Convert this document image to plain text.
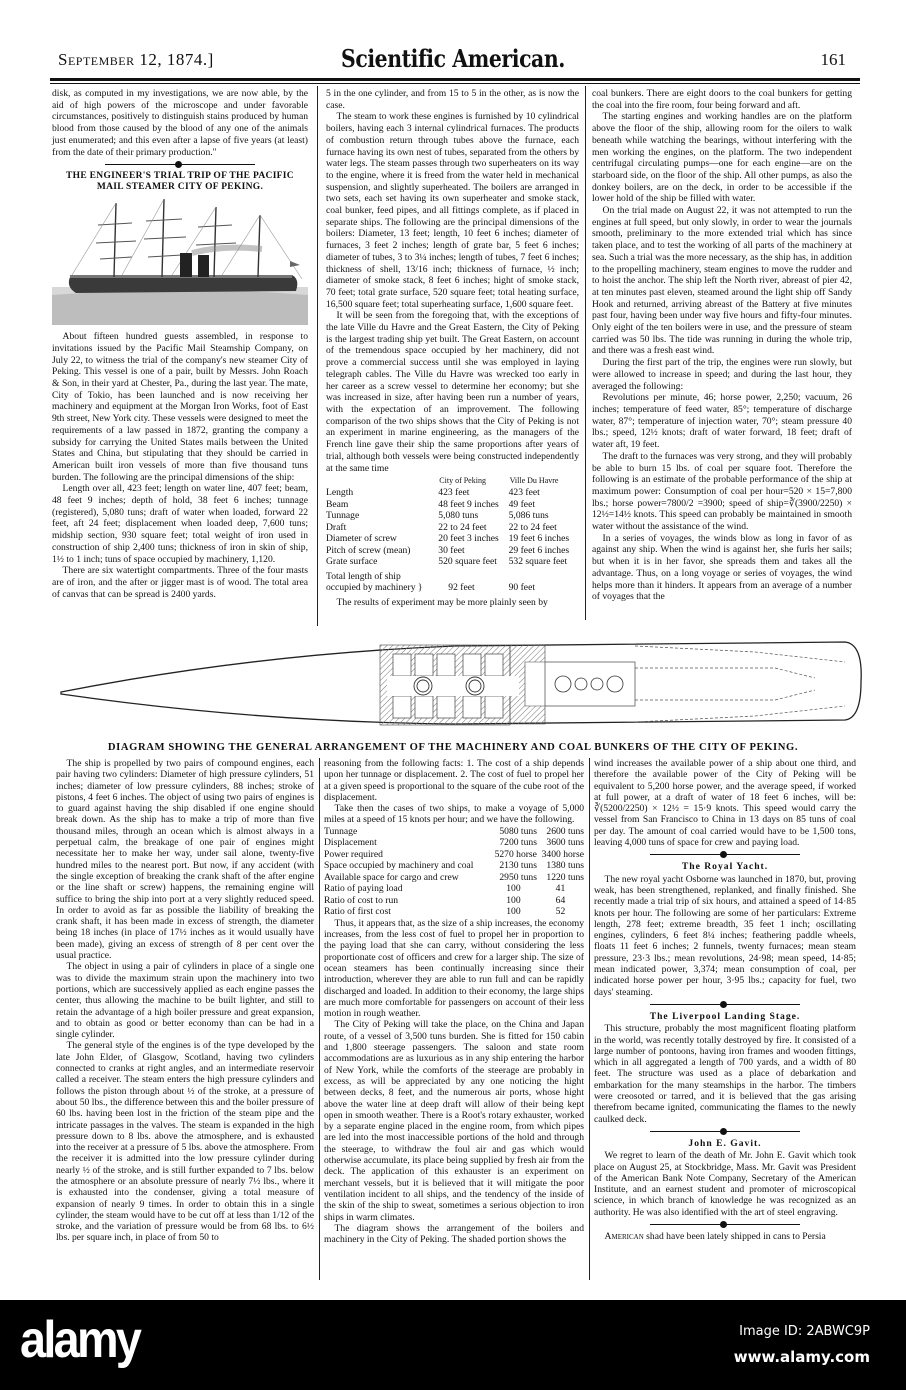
September 12, 1874.]	Scientific American.	161

disk, as computed in my investigations, we are now able, by the aid of high powers of the microscope and under favorable circumstances, positively to distinguish stains produced by human blood from those caused by the blood of any one of the animals just enumerated; and this even after a lapse of five years (at least) from the date of their primary production."

THE ENGINEER'S TRIAL TRIP OF THE PACIFIC MAIL STEAMER CITY OF PEKING.

About fifteen hundred guests assembled, in response to invitations issued by the Pacific Mail Steamship Company, on July 22, to witness the trial of the company's new steamer City of Peking. This vessel is one of a pair, built by Messrs. John Roach & Son, in their yard at Chester, Pa., during the last year. The mate, City of Tokio, has been launched and is now receiving her machinery and equipment at the Morgan Iron Works, foot of East 9th street, New York city. These vessels were designed to meet the requirements of a law passed in 1872, granting the company a subsidy for carrying the United States mails between the United States and China, but stipulating that they should be carried in American built iron vessels of more than five thousand tuns burden. The following are the principal dimensions of the ship:

Length over all, 423 feet; length on water line, 407 feet; beam, 48 feet 9 inches; depth of hold, 38 feet 6 inches; tunnage (registered), 5,080 tuns; draft of water when loaded, forward 22 feet, aft 24 feet; displacement when loaded deep, 7,600 tuns; midship section, 930 square feet; total weight of iron used in construction of ship 2,400 tuns; thickness of iron in skin of ship, 1½ to 1 inch; tuns of space occupied by machinery, 1,120.

There are six watertight compartments. Three of the four masts are of iron, and the after or jigger mast is of wood. The total area of canvas that can be spread is 2400 yards.

5 in the one cylinder, and from 15 to 5 in the other, as is now the case.

The steam to work these engines is furnished by 10 cylindrical boilers, having each 3 internal cylindrical furnaces. The products of combustion return through tubes above the furnace, each furnace having its own nest of tubes, separated from the others by water legs. The steam passes through two superheaters on its way to the engine, where it is freed from the water held in mechanical suspension, and slightly superheated. The boilers are arranged in two sets, each set having its own superheater and smoke stack, coal bunker, feed pipes, and all fittings complete, as if placed in separate ships. The following are the principal dimensions of the boilers: Diameter, 13 feet; length, 10 feet 6 inches; diameter of furnaces, 3 feet 2 inches; length of grate bar, 5 feet 6 inches; diameter of tubes, 3 to 3¼ inches; length of tubes, 7 feet 6 inches; thickness of shell, 13/16 inch; thickness of furnace, ½ inch; diameter of smoke stack, 8 feet 6 inches; hight of smoke stack, 70 feet; total grate surface, 520 square feet; total heating surface, 16,500 square feet; total superheating surface, 1,600 square feet.

It will be seen from the foregoing that, with the exceptions of the late Ville du Havre and the Great Eastern, the City of Peking is the largest trading ship yet built. The Great Eastern, on account of the tremendous space occupied by her machinery, did not prove a commercial success until she was employed in laying telegraph cables. The Ville du Havre was wrecked too early in her career as a screw vessel to determine her economy; but she was increased in size, after having been run a number of years, with the expectation of an improvement. The following comparison of the two ships shows that the City of Peking is not an experiment in marine engineering, as the managers of the French line gave their ship the same proportions after years of trial, although both vessels were being constructed independently at the same time

	City of Peking	Ville Du Havre
Length	423 feet	423 feet
Beam	48 feet 9 inches	49 feet
Tunnage	5,080 tuns	5,086 tuns
Draft	22 to 24 feet	22 to 24 feet
Diameter of screw	20 feet 3 inches	19 feet 6 inches
Pitch of screw (mean)	30 feet	29 feet 6 inches
Grate surface	520 square feet	532 square feet
Total length of ship
occupied by machinery }	92 feet	90 feet

The results of experiment may be more plainly seen by

coal bunkers. There are eight doors to the coal bunkers for getting the coal into the fire room, four being forward and aft.

The starting engines and working handles are on the platform above the floor of the ship, allowing room for the oilers to walk beneath while watching the bearings, without interfering with the men working the engines, on the platform. The two independent centrifugal circulating pumps—one for each engine—are on the starboard side, on the floor of the ship. All other pumps, as also the donkey boilers, are on the deck, in order to be accessible if the lower hold of the ship be filled with water.

On the trial made on August 22, it was not attempted to run the engines at full speed, but only slowly, in order to wear the journals smooth, preliminary to the more extended trial which has since taken place, and to test the working of all parts of the machinery at sea. Such a trial was the more necessary, as the ship has, in addition to the propelling machinery, steam engines to move the rudder and to hoist the anchor. The ship left the North river, abreast of pier 42, at ten minutes past eleven, steamed around the light ship off Sandy Hook and returned, arriving abreast of the Battery at five minutes past four, having been under way five hours and fifty-four minutes. Only eight of the ten boilers were in use, and the pressure of steam carried was 50 lbs. The tide was running in during the whole trip, and there was a fresh east wind.

During the first part of the trip, the engines were run slowly, but were allowed to increase in speed; and during the last hour, they averaged the following:

Revolutions per minute, 46; horse power, 2,250; vacuum, 26 inches; temperature of feed water, 85°; temperature of discharge water, 87°; temperature of injection water, 70°; steam pressure 40 lbs.; speed, 12½ knots; draft of water forward, 18 feet; draft of water aft, 19 feet.

The draft to the furnaces was very strong, and they will probably be able to burn 15 lbs. of coal per square foot. Therefore the following is an estimate of the probable performance of the ship at maximum power: Consumption of coal per hour=520 × 15=7,800 lbs.; horse power=7800/2 =3900; speed of ship=∛(3900/2250) × 12½=14½ knots. This speed can probably be maintained in smooth water without the assistance of the wind.

In a series of voyages, the winds blow as long in favor of as against any ship. When the wind is against her, she furls her sails; but when it is in her favor, she spreads them and takes all the advantage. Thus, on a long voyage or series of voyages, the wind helps more than it hinders. It appears from an average of a number of voyages that the

DIAGRAM SHOWING THE GENERAL ARRANGEMENT OF THE MACHINERY AND COAL BUNKERS OF THE CITY OF PEKING.

The ship is propelled by two pairs of compound engines, each pair having two cylinders: Diameter of high pressure cylinders, 51 inches; diameter of low pressure cylinders, 88 inches; stroke of pistons, 4 feet 6 inches. The object of using two pairs of engines is to guard against having the ship disabled if one engine should break down. As the ship has to make a trip of more than five thousand miles, through an ocean which is almost always in a perpetual calm, the breakage of one pair of engines might necessitate her to make her way, under sail alone, twenty-five hundred miles to the nearest port. But now, if any accident (with the single exception of breaking the crank shaft of the after engine or the line shaft or screw) happens, the remaining engine will suffice to bring the ship into port at a very slightly reduced speed. In order to avoid as far as possible the liability of breaking the crank shaft, it has been made in excess of strength, the diameter being 18 inches (in place of 17½ inches as it would usually have been made), giving an excess of strength of 8 per cent over the usual practice.

The object in using a pair of cylinders in place of a single one was to divide the maximum strain upon the machinery into two portions, which are successively applied as each engine passes the center, thus allowing the machine to be built lighter, and still to retain the advantage of a high boiler pressure and great expansion, and to obtain as good or better economy than can be had in a single cylinder.

The general style of the engines is of the type developed by the late John Elder, of Glasgow, Scotland, having two cylinders connected to cranks at right angles, and an intermediate reservoir called a receiver. The steam enters the high pressure cylinders and follows the piston through about ½ of the stroke, at a pressure of about 50 lbs., the difference between this and the boiler pressure of 60 lbs. having been lost in the friction of the steam pipe and the intricate passages in the valves. The steam is expanded in the high pressure down to 8 lbs. above the atmosphere, and is exhausted into the receiver at a pressure of 5 lbs. above the atmosphere. From the receiver it is admitted into the low pressure cylinder during nearly ½ of the stroke, and is still further expanded to 7 lbs. below the atmosphere or an absolute pressure of nearly 7½ lbs., where it is exhausted into the condenser, giving a total measure of expansion of nearly 9 times. In order to obtain this in a single cylinder, the steam would have to be cut off at less than 1/12 of the stroke, and the variation of pressure would be from 68 lbs. to 6½ lbs. per square inch, in place of from 50 to

reasoning from the following facts: 1. The cost of a ship depends upon her tunnage or displacement. 2. The cost of fuel to propel her at a given speed is proportional to the square of the cube root of the displacement.

Take then the cases of two ships, to make a voyage of 5,000 miles at a speed of 15 knots per hour; and we have the following.

Tunnage	5080 tuns	2600 tuns
Displacement	7200 tuns	3600 tuns
Power required	5270 horse	3400 horse
Space occupied by machinery and coal	2130 tuns	1380 tuns
Available space for cargo and crew	2950 tuns	1220 tuns
Ratio of paying load	100	41
Ratio of cost to run	100	64
Ratio of first cost	100	52

Thus, it appears that, as the size of a ship increases, the economy increases, from the less cost of fuel to propel her in proportion to the paying load that she can carry, without considering the less proportionate cost of officers and crew for a larger ship. The size of ocean steamers has been continually increasing since their introduction, wherever they are able to run full and can be rapidly discharged and loaded. In addition to their economy, the large ships are much more comfortable for passengers on account of their less motion in rough weather.

The City of Peking will take the place, on the China and Japan route, of a vessel of 3,500 tuns burden. She is fitted for 150 cabin and 1,800 steerage passengers. The saloon and state room accommodations are as luxurious as in any ship entering the harbor of New York, while the comforts of the steerage are probably in excess, as will be appreciated by any one noticing the hight between decks, 8 feet, and the numerous air ports, whose hight above the water line at deep draft will allow of their being kept open in smooth weather. There is a Root's rotary exhauster, worked by a separate engine placed in the engine room, from which pipes are led into the most inaccessible portions of the hold and through the steerage, to withdraw the foul air and gas which would otherwise accumulate, its place being supplied by fresh air from the deck. The application of this exhauster is an experiment on merchant vessels, but it is believed that it will mitigate the poor ventilation incident to all ships, and the tendency of the inside of the skin of the ship to sweat, sometimes a serious objection to iron ships in warm climates.

The diagram shows the arrangement of the boilers and machinery in the City of Peking. The shaded portion shows the

wind increases the available power of a ship about one third, and therefore the available power of the City of Peking will be equivalent to 5,200 horse power, and the average speed, if worked at full power, at a draft of water of 18 feet 6 inches, will be: ∛(5200/2250) × 12½ = 15·9 knots. This speed would carry the vessel from San Francisco to China in 13 days on 85 tuns of coal per day. The amount of coal carried would have to be 1,500 tons, leaving 4,000 tuns of space for crew and paying load.

The Royal Yacht.

The new royal yacht Osborne was launched in 1870, but, proving weak, has been strengthened, replanked, and finally finished. She recently made a trial trip of six hours, and attained a speed of 14·85 knots per hour. The following are some of her particulars: Extreme length, 278 feet; extreme breadth, 35 feet 1 inch; oscillating engines, cylinders, 6 feet 8¼ inches; feathering paddle wheels, floats 11 feet 6 inches; 2 funnels, twenty furnaces; mean steam pressure, 23·3 lbs.; mean revolutions, 24·98; mean speed, 14·85; mean indicated power, 3,374; mean consumption of coal, per indicated horse power per hour, 3·95 lbs.; capacity for fuel, two days' steaming.

The Liverpool Landing Stage.

This structure, probably the most magnificent floating platform in the world, was recently totally destroyed by fire. It consisted of a large number of pontoons, having iron frames and wooden fittings, which in all aggregated a length of 700 yards, and a width of 80 feet. The structure was used as a place of debarkation and embarkation for the many steamships in the harbor. The timbers were creosoted or tarred, and it is believed that the gas arising therefrom became ignited, communicating the flames to the newly caulked deck.

John E. Gavit.

We regret to learn of the death of Mr. John E. Gavit which took place on August 25, at Stockbridge, Mass. Mr. Gavit was President of the American Bank Note Company, Secretary of the American Institute, and an earnest student and promoter of microscopical science, in which branch of knowledge he was recognized as an authority. He was also identified with the art of steel engraving.

American shad have been lately shipped in cans to Persia

alamy	Image ID: 2ABWC9P
www.alamy.com
